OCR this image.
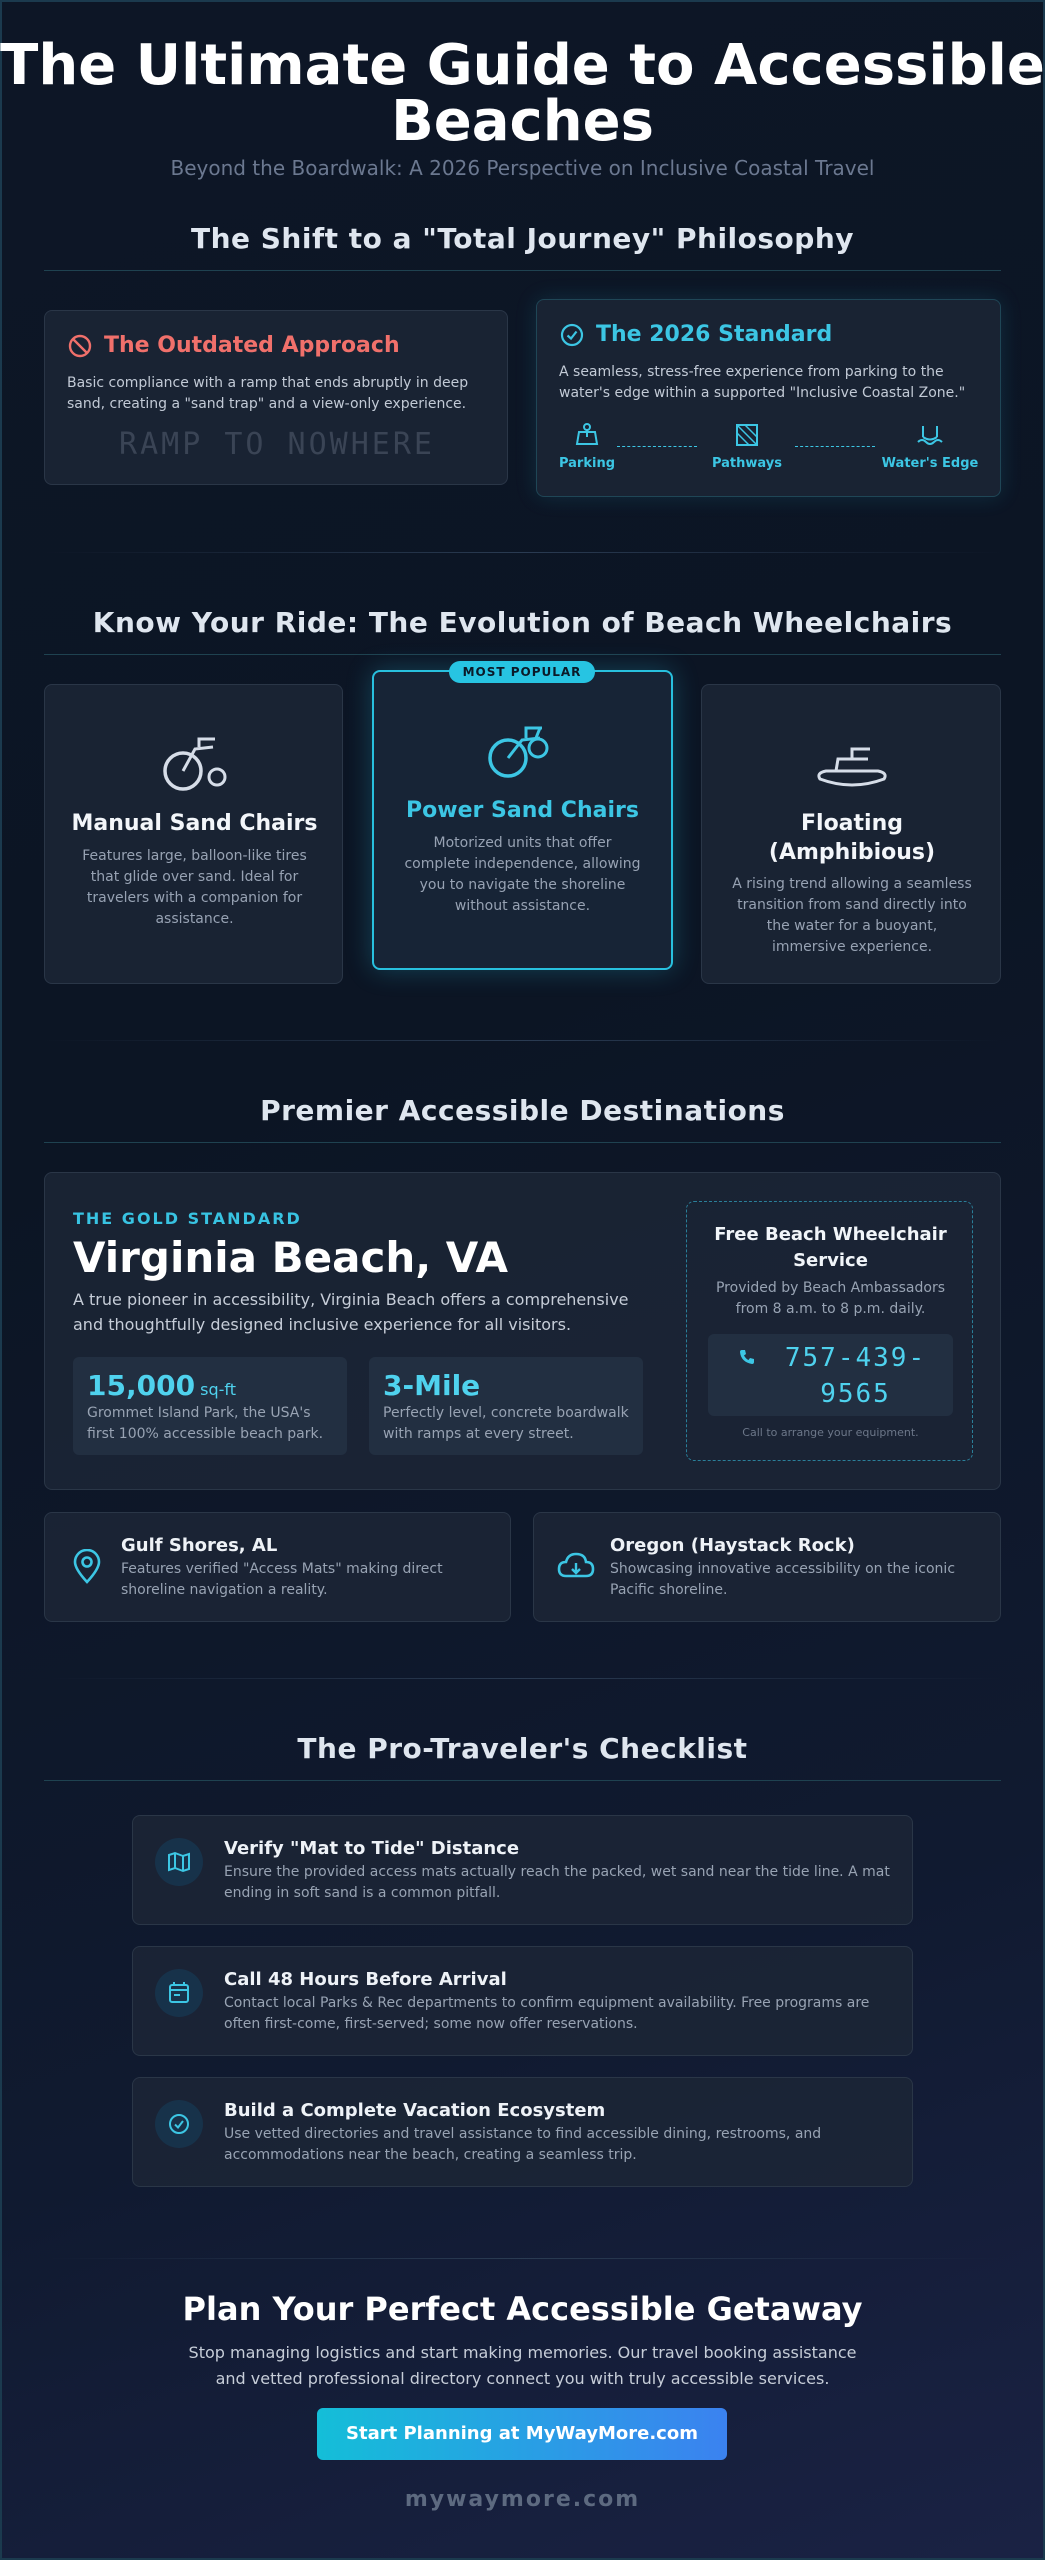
The Ultimate Guide to Accessible Beaches
Beyond the Boardwalk: A 2026 Perspective on Inclusive Coastal Travel
The Shift to a "Total Journey" Philosophy
The Outdated Approach
Basic compliance with a ramp that ends abruptly in deep sand, creating a "sand trap" and a view-only experience.
RAMP TO NOWHERE
The 2026 Standard
A seamless, stress-free experience from parking to the water's edge within a supported "Inclusive Coastal Zone."
Parking	Pathways	Water's Edge
Know Your Ride: The Evolution of Beach Wheelchairs
Manual Sand Chairs
Features large, balloon-like tires that glide over sand. Ideal for travelers with a companion for assistance.
Power Sand Chairs
Motorized units that offer complete independence, allowing you to navigate the shoreline without assistance.
MOST POPULAR
Floating
(Amphibious)
A rising trend allowing a seamless transition from sand directly into the water for a buoyant, immersive experience.
Premier Accessible Destinations
THE GOLD STANDARD
Virginia Beach, VA
A true pioneer in accessibility, Virginia Beach offers a comprehensive and thoughtfully designed inclusive experience for all visitors.
15,000 sq-ft
Grommet Island Park, the USA's first 100% accessible beach park.
3-Mile
Perfectly level, concrete boardwalk with ramps at every street.
Free Beach Wheelchair Service
Provided by Beach Ambassadors from 8 a.m. to 8 p.m. daily.
757-439-9565
Call to arrange your equipment.
Gulf Shores, AL
Features verified "Access Mats" making direct shoreline navigation a reality.
Oregon (Haystack Rock)
Showcasing innovative accessibility on the iconic Pacific shoreline.
The Pro-Traveler's Checklist
Verify "Mat to Tide" Distance
Ensure the provided access mats actually reach the packed, wet sand near the tide line. A mat ending in soft sand is a common pitfall.
Call 48 Hours Before Arrival
Contact local Parks & Rec departments to confirm equipment availability. Free programs are often first-come, first-served; some now offer reservations.
Build a Complete Vacation Ecosystem
Use vetted directories and travel assistance to find accessible dining, restrooms, and accommodations near the beach, creating a seamless trip.
Plan Your Perfect Accessible Getaway
Stop managing logistics and start making memories. Our travel booking assistance and vetted professional directory connect you with truly accessible services.
Start Planning at MyWayMore.com
mywaymore.com
